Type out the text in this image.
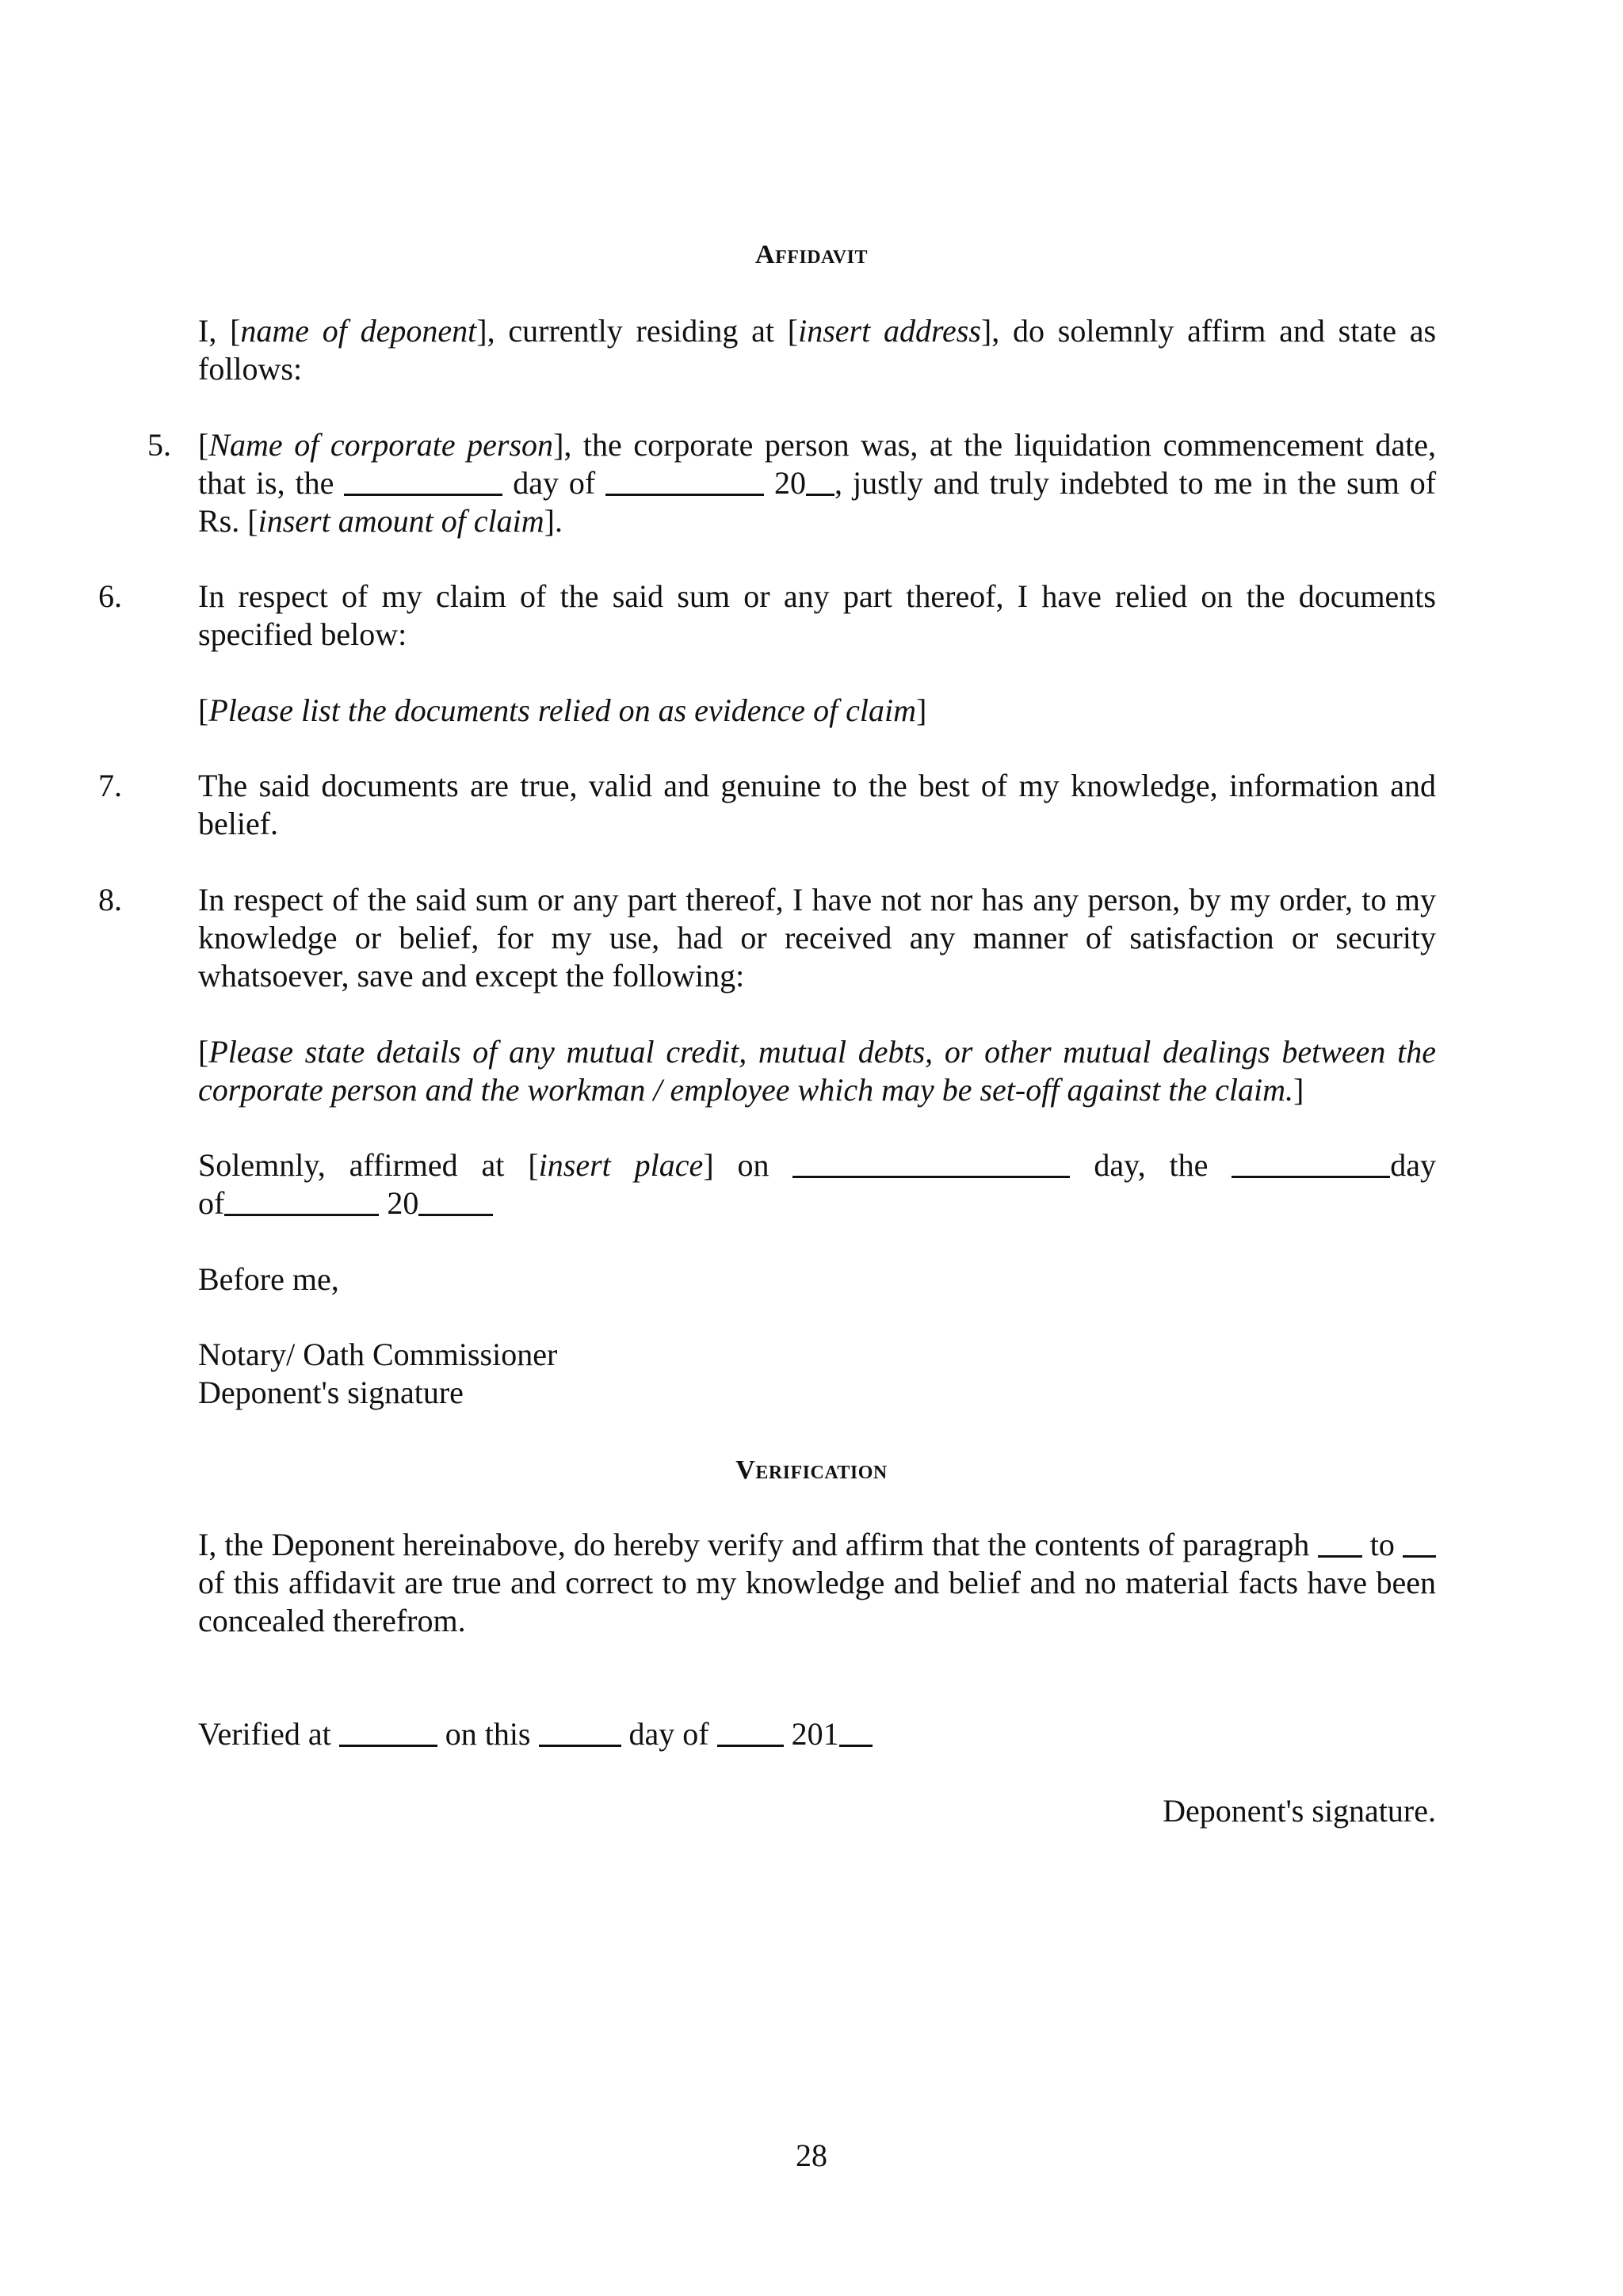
Affidavit
I, [name of deponent], currently residing at [insert address], do solemnly affirm and state as follows:
5. [Name of corporate person], the corporate person was, at the liquidation commencement date, that is, the	day of	20 , justly and truly indebted to me in the sum of Rs. [insert amount of claim].
6. In respect of my claim of the said sum or any part thereof, I have relied on the documents specified below:
[Please list the documents relied on as evidence of claim]
7. The said documents are true, valid and genuine to the best of my knowledge, information and belief.
8. In respect of the said sum or any part thereof, I have not nor has any person, by my order, to my knowledge or belief, for my use, had or received any manner of satisfaction or security whatsoever, save and except the following:
[Please state details of any mutual credit, mutual debts, or other mutual dealings between the corporate person and the workman / employee which may be set-off against the claim.]
Solemnly, affirmed at [insert place] on	day, the	day
of	20
Before me,
Notary/ Oath Commissioner
Deponent's signature
Verification
I, the Deponent hereinabove, do hereby verify and affirm that the contents of paragraph to of this affidavit are true and correct to my knowledge and belief and no material facts have been concealed therefrom.
Verified at	on this	day of	201
Deponent's signature.
28
